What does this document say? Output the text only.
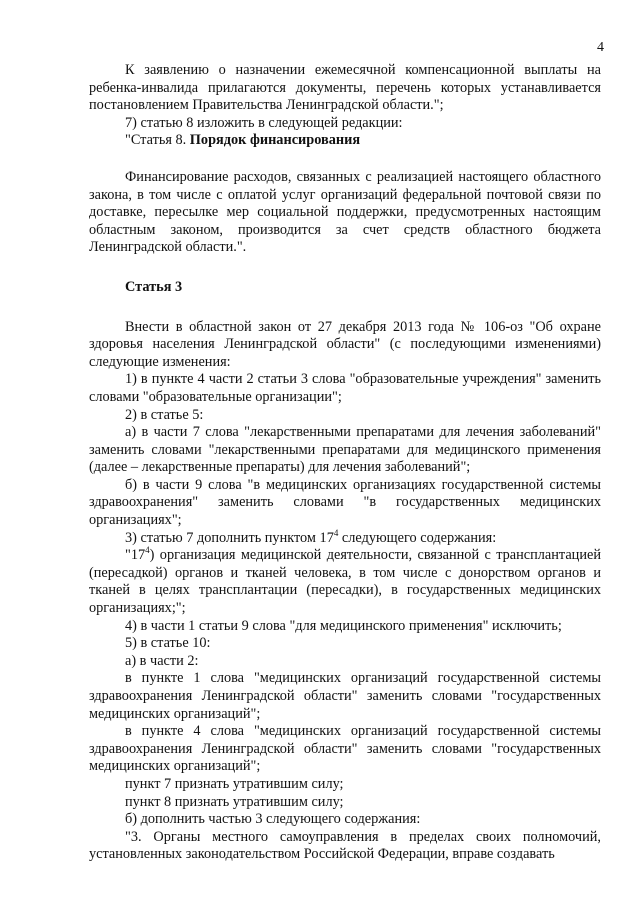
4

К заявлению о назначении ежемесячной компенсационной выплаты на ребенка-инвалида прилагаются документы, перечень которых устанавливается постановлением Правительства Ленинградской области.";

7) статью 8 изложить в следующей редакции:

"Статья 8. Порядок финансирования

Финансирование расходов, связанных с реализацией настоящего областного закона, в том числе с оплатой услуг организаций федеральной почтовой связи по доставке, пересылке мер социальной поддержки, предусмотренных настоящим областным законом, производится за счет средств областного бюджета Ленинградской области.".

Статья 3

Внести в областной закон от 27 декабря 2013 года № 106-оз "Об охране здоровья населения Ленинградской области" (с последующими изменениями) следующие изменения:

1) в пункте 4 части 2 статьи 3 слова "образовательные учреждения" заменить словами "образовательные организации";

2) в статье 5:

а) в части 7 слова "лекарственными препаратами для лечения заболеваний" заменить словами "лекарственными препаратами для медицинского применения (далее – лекарственные препараты) для лечения заболеваний";

б) в части 9 слова "в медицинских организациях государственной системы здравоохранения" заменить словами "в государственных медицинских организациях";

3) статью 7 дополнить пунктом $17^4$ следующего содержания:

"$17^4$) организация медицинской деятельности, связанной с трансплантацией (пересадкой) органов и тканей человека, в том числе с донорством органов и тканей в целях трансплантации (пересадки), в государственных медицинских организациях;";

4) в части 1 статьи 9 слова "для медицинского применения" исключить;

5) в статье 10:

а) в части 2:

в пункте 1 слова "медицинских организаций государственной системы здравоохранения Ленинградской области" заменить словами "государственных медицинских организаций";

в пункте 4 слова "медицинских организаций государственной системы здравоохранения Ленинградской области" заменить словами "государственных медицинских организаций";

пункт 7 признать утратившим силу;

пункт 8 признать утратившим силу;

б) дополнить частью 3 следующего содержания:

"3. Органы местного самоуправления в пределах своих полномочий, установленных законодательством Российской Федерации, вправе создавать
